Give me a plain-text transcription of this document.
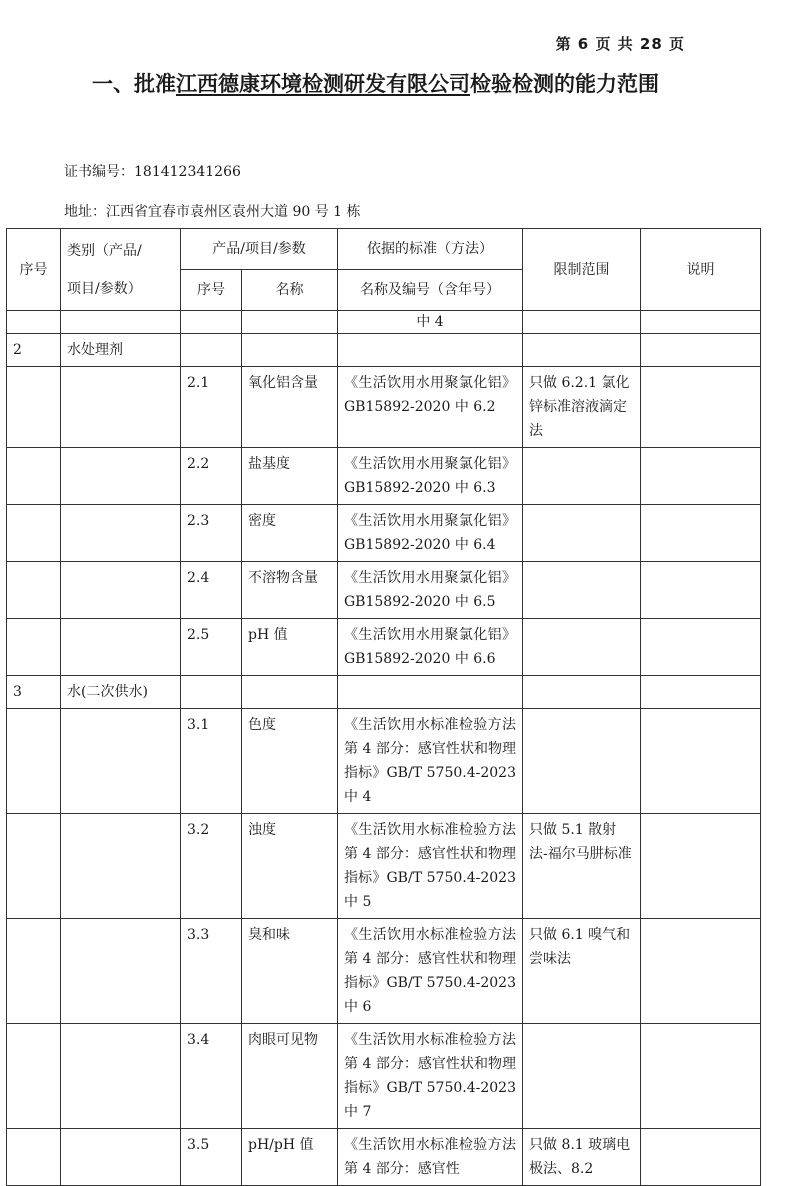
第 6 页 共 28 页
一、批准江西德康环境检测研发有限公司检验检测的能力范围
证书编号：181412341266
地址：江西省宜春市袁州区袁州大道 90 号 1 栋
序号	类别（产品/
项目/参数）	产品/项目/参数		依据的标准（方法）	限制范围	说明
		序号	名称	名称及编号（含年号）		
				中 4		
2	水处理剂					
		2.1	氧化铝含量	《生活饮用水用聚氯化铝》GB15892-2020 中 6.2	只做 6.2.1 氯化锌标准溶液滴定法	
		2.2	盐基度	《生活饮用水用聚氯化铝》GB15892-2020 中 6.3		
		2.3	密度	《生活饮用水用聚氯化铝》GB15892-2020 中 6.4		
		2.4	不溶物含量	《生活饮用水用聚氯化铝》GB15892-2020 中 6.5		
		2.5	pH 值	《生活饮用水用聚氯化铝》GB15892-2020 中 6.6		
3	水(二次供水)					
		3.1	色度	《生活饮用水标准检验方法 第 4 部分：感官性状和物理指标》GB/T 5750.4-2023 中 4		
		3.2	浊度	《生活饮用水标准检验方法 第 4 部分：感官性状和物理指标》GB/T 5750.4-2023 中 5	只做 5.1 散射法-福尔马肼标准	
		3.3	臭和味	《生活饮用水标准检验方法 第 4 部分：感官性状和物理指标》GB/T 5750.4-2023 中 6	只做 6.1 嗅气和尝味法	
		3.4	肉眼可见物	《生活饮用水标准检验方法 第 4 部分：感官性状和物理指标》GB/T 5750.4-2023 中 7		
		3.5	pH/pH 值	《生活饮用水标准检验方法 第 4 部分：感官性	只做 8.1 玻璃电极法、8.2	
